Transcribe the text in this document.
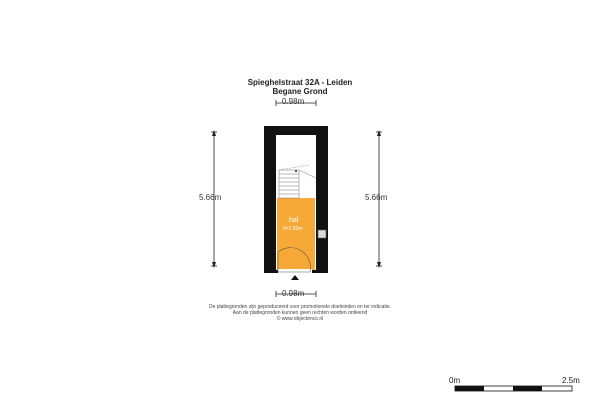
Spieghelstraat 32A - Leiden
Begane Grond
0.98m
0.98m
5.66m	5.66m
hal
h=2.93m
De plattegronden zijn geproduceerd voor promotionele doeleinden en ter indicatie.
Aan de plattegronden kunnen geen rechten worden ontleend
© www.objectenco.nl
0m	2.5m
